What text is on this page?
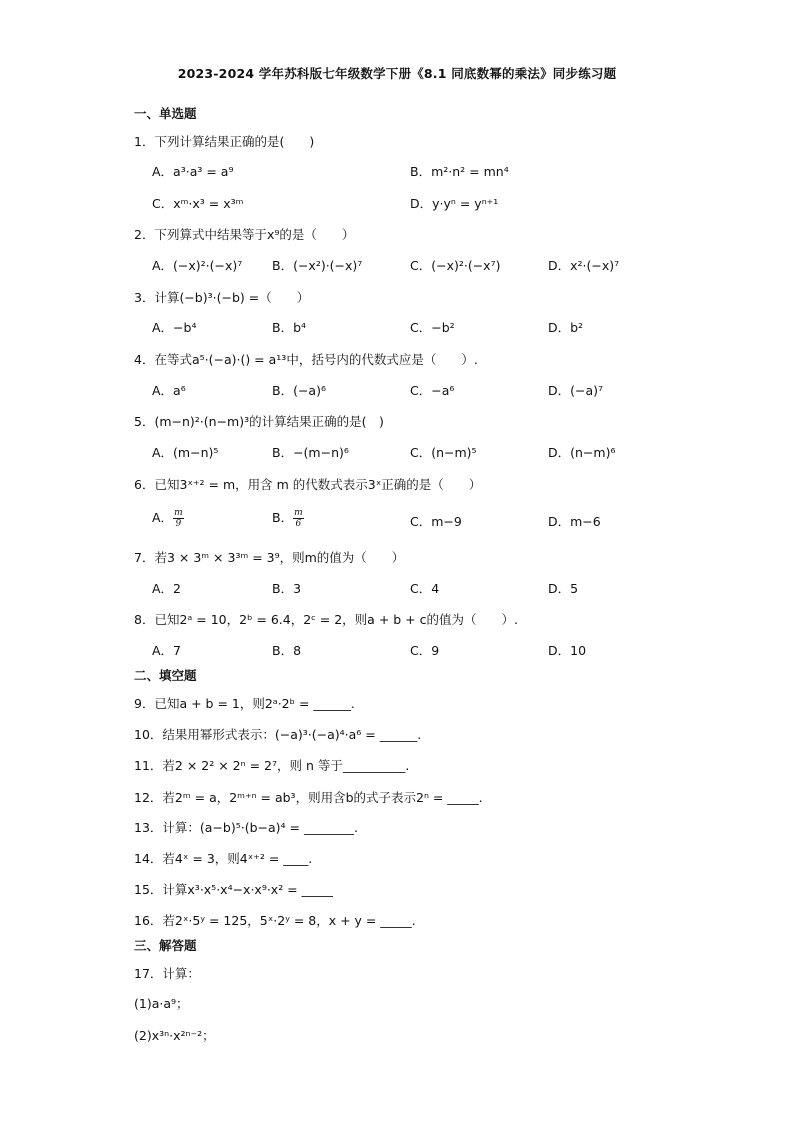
2023-2024 学年苏科版七年级数学下册《8.1 同底数幂的乘法》同步练习题
一、单选题
1．下列计算结果正确的是(  )
A．a³·a³ = a⁹	B．m²·n² = mn⁴
C．xᵐ·x³ = x³ᵐ	D．y·yⁿ = yⁿ⁺¹
2．下列算式中结果等于x⁹的是（  ）
A．(−x)²·(−x)⁷ B．(−x²)·(−x)⁷	C．(−x)²·(−x⁷)	D．x²·(−x)⁷
3．计算(−b)³·(−b) =（  ）
A．−b⁴	B．b⁴	C．−b²	D．b²
4．在等式a⁵·(−a)·() = a¹³中，括号内的代数式应是（  ）.
A．a⁶	B．(−a)⁶	C．−a⁶	D．(−a)⁷
5．(m−n)²·(n−m)³的计算结果正确的是( )
A．(m−n)⁵	B．−(m−n)⁶	C．(n−m)⁵	D．(n−m)⁶
6．已知3ˣ⁺² = m，用含 m 的代数式表示3ˣ正确的是（  ）
A． $\frac{m}{9}$	B． $\frac{m}{6}$	C．m−9	D．m−6
7．若3 × 3ᵐ × 3³ᵐ = 3⁹，则m的值为（  ）
A．2	B．3	C．4	D．5
8．已知2ᵃ = 10，2ᵇ = 6.4，2ᶜ = 2，则a + b + c的值为（  ）.
A．7	B．8	C．9	D．10
二、填空题
9．已知a + b = 1，则2ᵃ·2ᵇ = ______.
10．结果用幂形式表示：(−a)³·(−a)⁴·a⁶ = ______.
11．若2 × 2² × 2ⁿ = 2⁷，则 n 等于__________.
12．若2ᵐ = a，2ᵐ⁺ⁿ = ab³，则用含b的式子表示2ⁿ = _____.
13．计算：(a−b)⁵·(b−a)⁴ = ________.
14．若4ˣ = 3，则4ˣ⁺² = ____.
15．计算x³·x⁵·x⁴−x·x⁹·x² = _____
16．若2ˣ·5ʸ = 125，5ˣ·2ʸ = 8，x + y = _____.
三、解答题
17．计算：
(1)a·a⁹；
(2)x³ⁿ·x²ⁿ⁻²；
